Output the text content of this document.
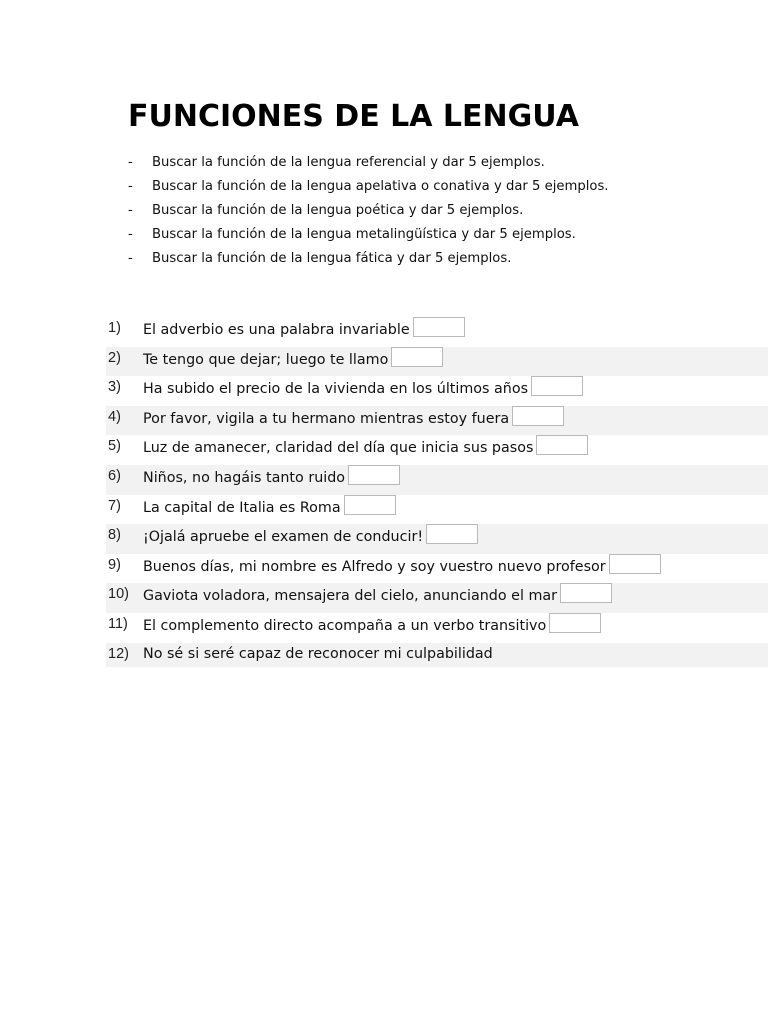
FUNCIONES DE LA LENGUA
- Buscar la función de la lengua referencial y dar 5 ejemplos.
- Buscar la función de la lengua apelativa o conativa y dar 5 ejemplos.
- Buscar la función de la lengua poética y dar 5 ejemplos.
- Buscar la función de la lengua metalingüística y dar 5 ejemplos.
- Buscar la función de la lengua fática y dar 5 ejemplos.
1) El adverbio es una palabra invariable
2) Te tengo que dejar; luego te llamo
3) Ha subido el precio de la vivienda en los últimos años
4) Por favor, vigila a tu hermano mientras estoy fuera
5) Luz de amanecer, claridad del día que inicia sus pasos
6) Niños, no hagáis tanto ruido
7) La capital de Italia es Roma
8) ¡Ojalá apruebe el examen de conducir!
9) Buenos días, mi nombre es Alfredo y soy vuestro nuevo profesor
10) Gaviota voladora, mensajera del cielo, anunciando el mar
11) El complemento directo acompaña a un verbo transitivo
12) No sé si seré capaz de reconocer mi culpabilidad
